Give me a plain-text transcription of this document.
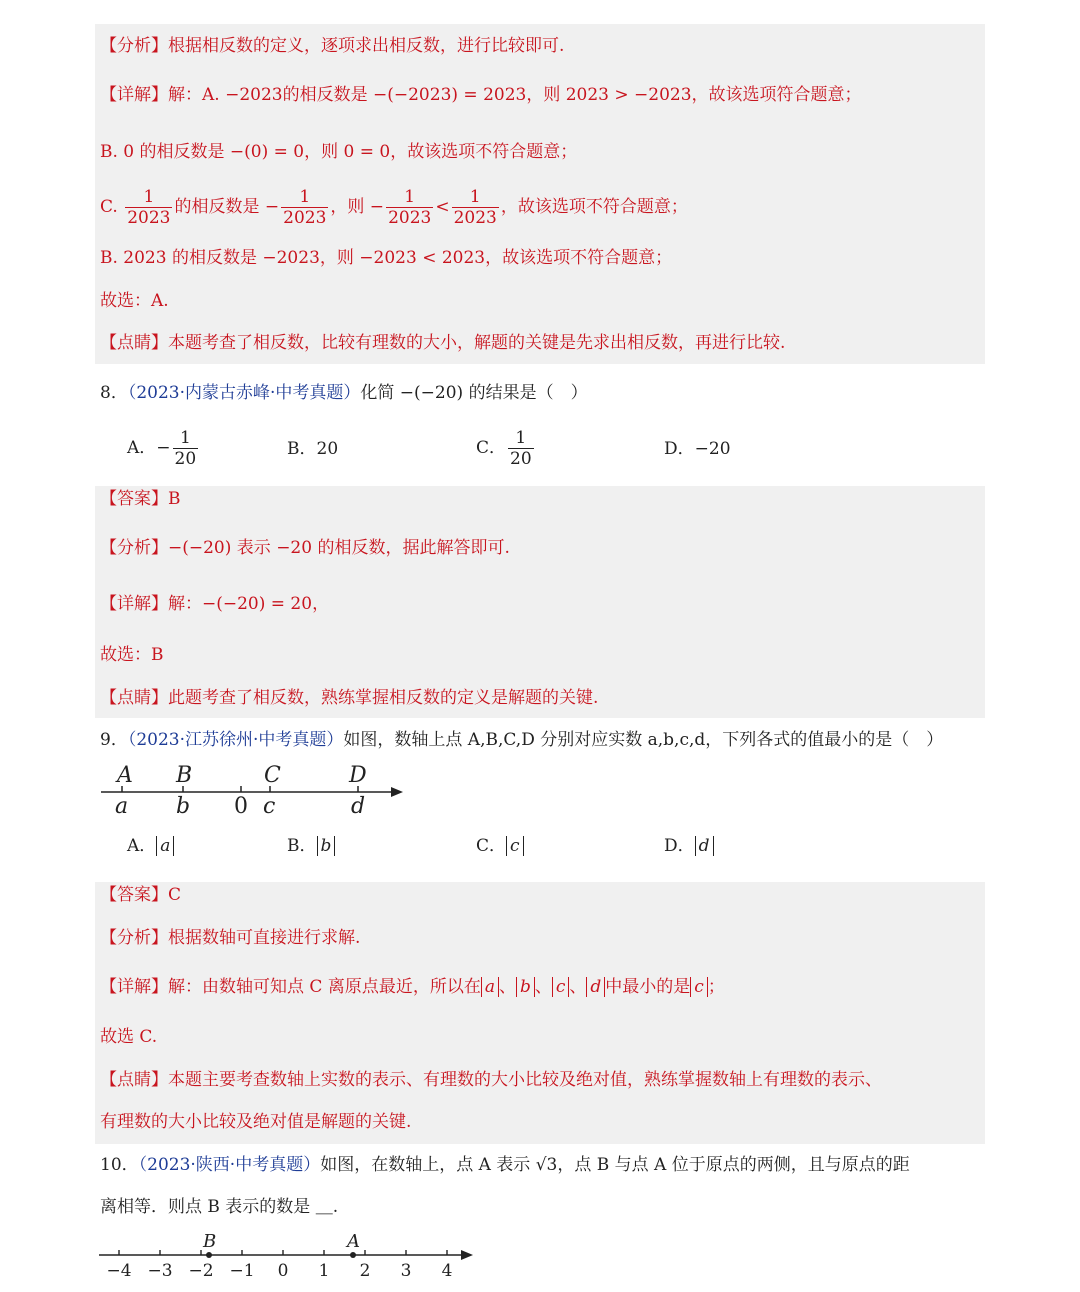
【分析】根据相反数的定义，逐项求出相反数，进行比较即可.
【详解】解：A. −2023的相反数是 −(−2023) = 2023，则 2023 > −2023，故该选项符合题意；
B. 0 的相反数是 −(0) = 0，则 0 = 0，故该选项不符合题意；
C. $\frac{1}{2023}$ 的相反数是 − $\frac{1}{2023}$ ，则 − $\frac{1}{2023} < \frac{1}{2023}$ ，故该选项不符合题意；
B. 2023 的相反数是 −2023，则 −2023 < 2023，故该选项不符合题意；
故选：A.
【点睛】本题考查了相反数，比较有理数的大小，解题的关键是先求出相反数，再进行比较.
8．（2023·内蒙古赤峰·中考真题）化简 −(−20) 的结果是（　）
A．− $\frac{1}{20}$	B．20	C． $\frac{1}{20}$	D．−20
【答案】B
【分析】−(−20) 表示 −20 的相反数，据此解答即可.
【详解】解：−(−20) = 20，
故选：B
【点睛】此题考查了相反数，熟练掌握相反数的定义是解题的关键.
9．（2023·江苏徐州·中考真题）如图，数轴上点 A,B,C,D 分别对应实数 a,b,c,d，下列各式的值最小的是（　）
A B	C	D
a b 0 c	d
A． a	B． b	C． c	D． d
【答案】C
【分析】根据数轴可直接进行求解.
【详解】解：由数轴可知点 C 离原点最近，所以在 a 、 b 、 c 、 d 中最小的是 c ；
故选 C.
【点睛】本题主要考查数轴上实数的表示、有理数的大小比较及绝对值，熟练掌握数轴上有理数的表示、
有理数的大小比较及绝对值是解题的关键.
10．（2023·陕西·中考真题）如图，在数轴上，点 A 表示 √3，点 B 与点 A 位于原点的两侧，且与原点的距
离相等．则点 B 表示的数是 ＿.
−4 −3 −2 −1 0 1 2 3 4
B	A
